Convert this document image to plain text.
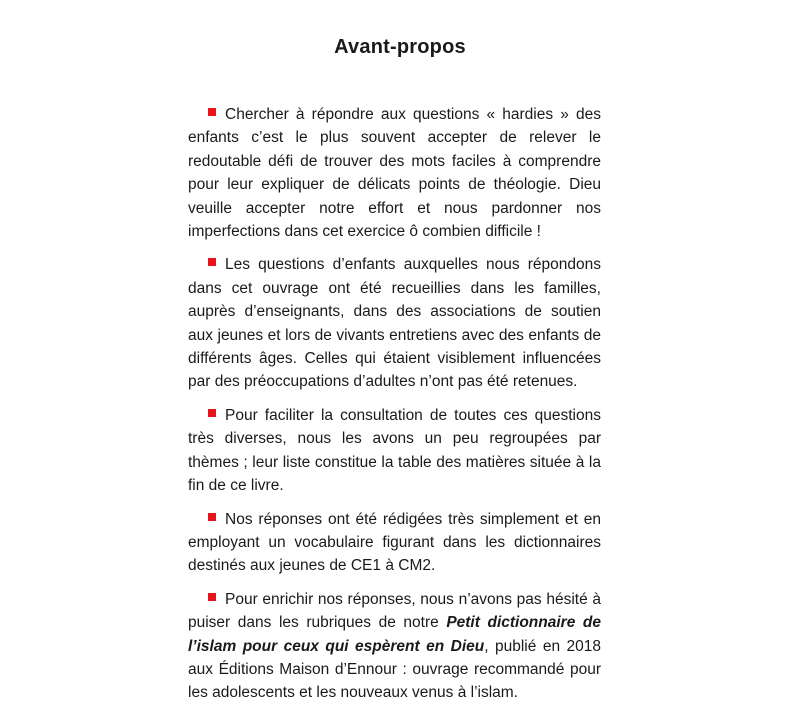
Avant-propos

Chercher à répondre aux questions « hardies » des enfants c’est le plus souvent accepter de relever le redoutable défi de trouver des mots faciles à comprendre pour leur expliquer de délicats points de théologie. Dieu veuille accepter notre effort et nous pardonner nos imperfections dans cet exercice ô combien difficile !

Les questions d’enfants auxquelles nous répondons dans cet ouvrage ont été recueillies dans les familles, auprès d’enseignants, dans des associations de soutien aux jeunes et lors de vivants entretiens avec des enfants de différents âges. Celles qui étaient visiblement influencées par des préoccupations d’adultes n’ont pas été retenues.

Pour faciliter la consultation de toutes ces questions très diverses, nous les avons un peu regroupées par thèmes ; leur liste constitue la table des matières située à la fin de ce livre.

Nos réponses ont été rédigées très simplement et en employant un vocabulaire figurant dans les dictionnaires destinés aux jeunes de CE1 à CM2.

Pour enrichir nos réponses, nous n’avons pas hésité à puiser dans les rubriques de notre Petit dictionnaire de l’islam pour ceux qui espèrent en Dieu, publié en 2018 aux Éditions Maison d’Ennour : ouvrage recommandé pour les adolescents et les nouveaux venus à l’islam.
